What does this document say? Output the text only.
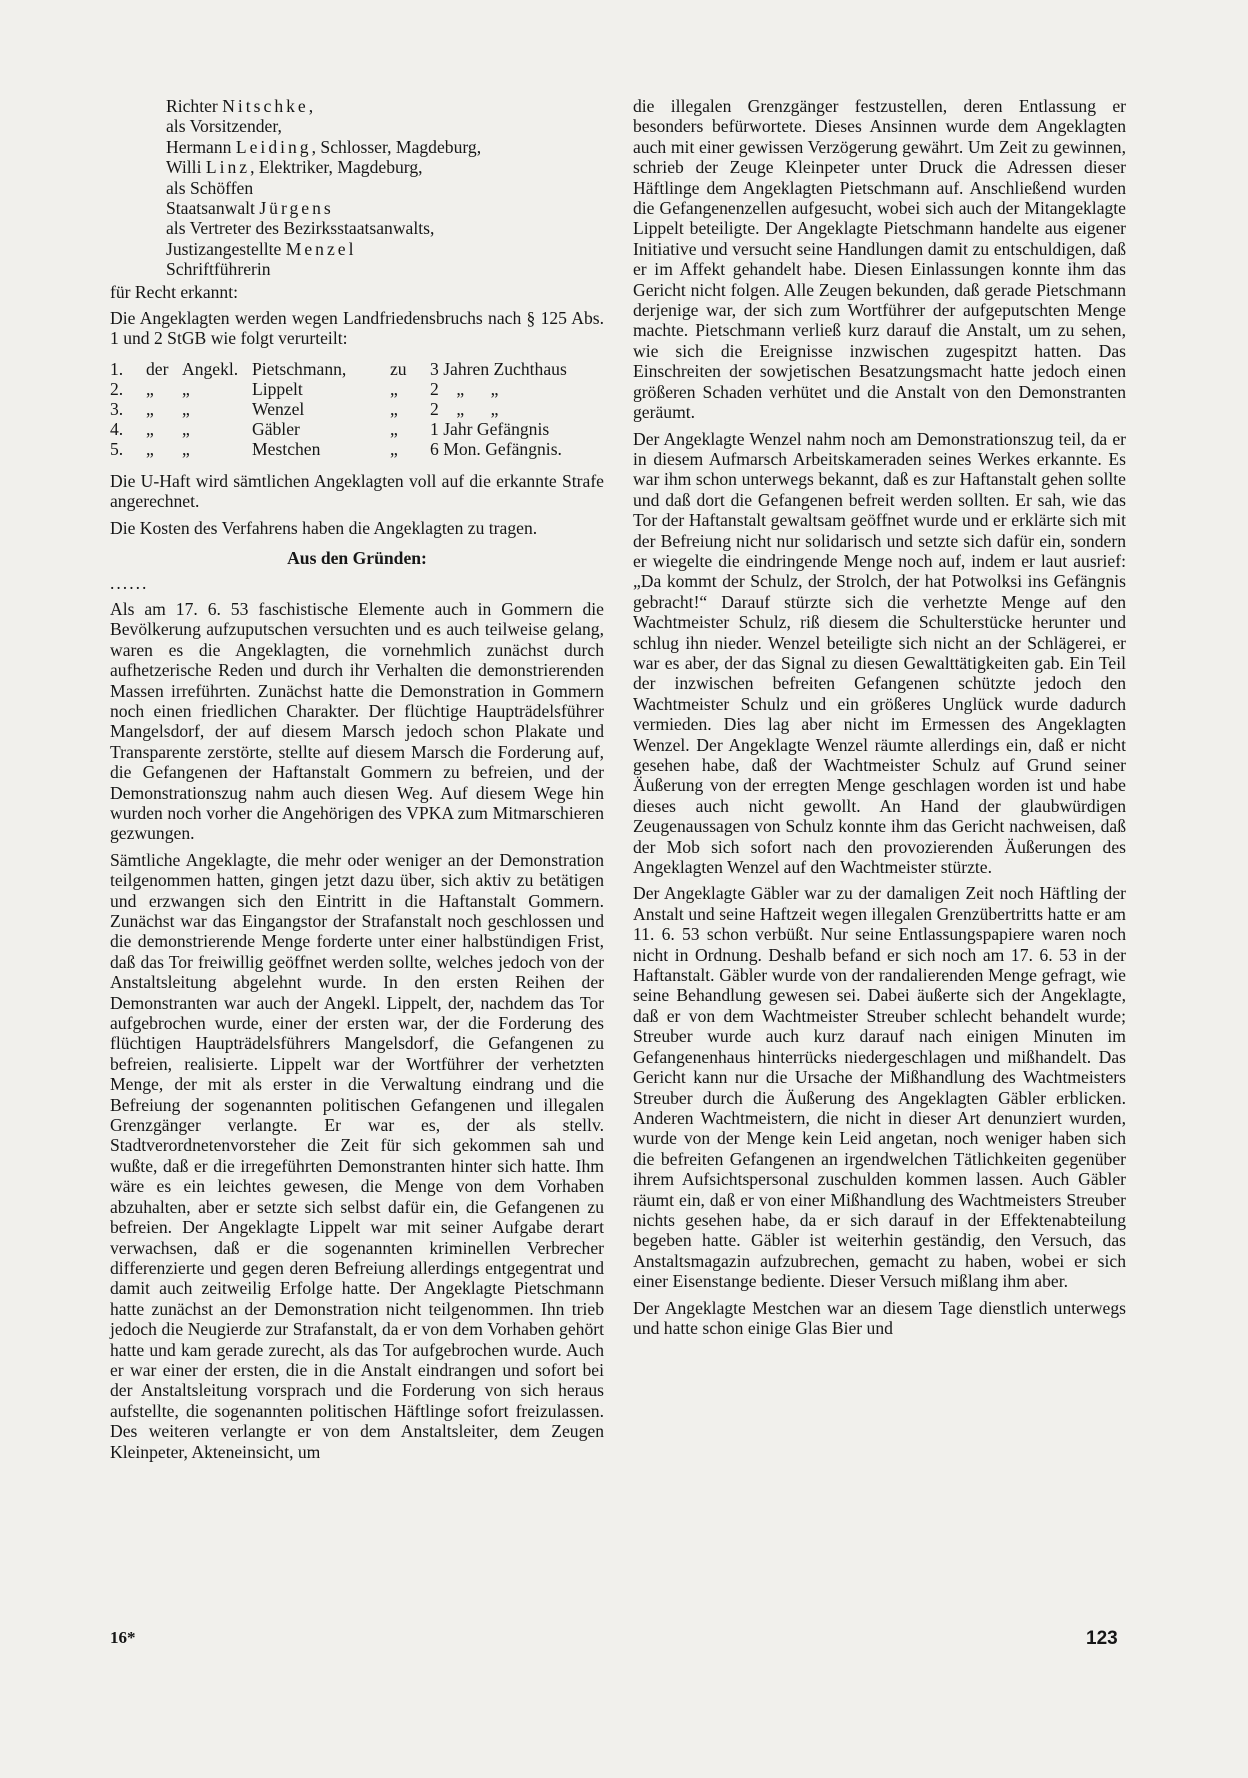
Richter Nitschke,
als Vorsitzender,
Hermann Leiding, Schlosser, Magdeburg,
Willi Linz, Elektriker, Magdeburg,
als Schöffen
Staatsanwalt Jürgens
als Vertreter des Bezirksstaatsanwalts,
Justizangestellte Menzel
Schriftführerin

für Recht erkannt:

Die Angeklagten werden wegen Landfriedensbruchs nach § 125 Abs. 1 und 2 StGB wie folgt verurteilt:

1.	der	Angekl.	Pietschmann,	zu	3 Jahren Zuchthaus
2.	„	„	Lippelt	„	2    „      „
3.	„	„	Wenzel	„	2    „      „
4.	„	„	Gäbler	„	1 Jahr Gefängnis
5.	„	„	Mestchen	„	6 Mon. Gefängnis.

Die U-Haft wird sämtlichen Angeklagten voll auf die erkannte Strafe angerechnet.

Die Kosten des Verfahrens haben die Angeklagten zu tragen.

Aus den Gründen:

......

Als am 17. 6. 53 faschistische Elemente auch in Gommern die Bevölkerung aufzuputschen versuchten und es auch teilweise gelang, waren es die Angeklagten, die vornehmlich zunächst durch aufhetzerische Reden und durch ihr Verhalten die demonstrierenden Massen irreführten. Zunächst hatte die Demonstration in Gommern noch einen friedlichen Charakter. Der flüchtige Haupträdelsführer Mangelsdorf, der auf diesem Marsch jedoch schon Plakate und Transparente zerstörte, stellte auf diesem Marsch die Forderung auf, die Gefangenen der Haftanstalt Gommern zu befreien, und der Demonstrationszug nahm auch diesen Weg. Auf diesem Wege hin wurden noch vorher die Angehörigen des VPKA zum Mitmarschieren gezwungen.

Sämtliche Angeklagte, die mehr oder weniger an der Demonstration teilgenommen hatten, gingen jetzt dazu über, sich aktiv zu betätigen und erzwangen sich den Eintritt in die Haftanstalt Gommern. Zunächst war das Eingangstor der Strafanstalt noch geschlossen und die demonstrierende Menge forderte unter einer halbstündigen Frist, daß das Tor freiwillig geöffnet werden sollte, welches jedoch von der Anstaltsleitung abgelehnt wurde. In den ersten Reihen der Demonstranten war auch der Angekl. Lippelt, der, nachdem das Tor aufgebrochen wurde, einer der ersten war, der die Forderung des flüchtigen Haupträdelsführers Mangelsdorf, die Gefangenen zu befreien, realisierte. Lippelt war der Wortführer der verhetzten Menge, der mit als erster in die Verwaltung eindrang und die Befreiung der sogenannten politischen Gefangenen und illegalen Grenzgänger verlangte. Er war es, der als stellv. Stadtverordnetenvorsteher die Zeit für sich gekommen sah und wußte, daß er die irregeführten Demonstranten hinter sich hatte. Ihm wäre es ein leichtes gewesen, die Menge von dem Vorhaben abzuhalten, aber er setzte sich selbst dafür ein, die Gefangenen zu befreien. Der Angeklagte Lippelt war mit seiner Aufgabe derart verwachsen, daß er die sogenannten kriminellen Verbrecher differenzierte und gegen deren Befreiung allerdings entgegentrat und damit auch zeitweilig Erfolge hatte. Der Angeklagte Pietschmann hatte zunächst an der Demonstration nicht teilgenommen. Ihn trieb jedoch die Neugierde zur Strafanstalt, da er von dem Vorhaben gehört hatte und kam gerade zurecht, als das Tor aufgebrochen wurde. Auch er war einer der ersten, die in die Anstalt eindrangen und sofort bei der Anstaltsleitung vorsprach und die Forderung von sich heraus aufstellte, die sogenannten politischen Häftlinge sofort freizulassen. Des weiteren verlangte er von dem Anstaltsleiter, dem Zeugen Kleinpeter, Akteneinsicht, um

die illegalen Grenzgänger festzustellen, deren Entlassung er besonders befürwortete. Dieses Ansinnen wurde dem Angeklagten auch mit einer gewissen Verzögerung gewährt. Um Zeit zu gewinnen, schrieb der Zeuge Kleinpeter unter Druck die Adressen dieser Häftlinge dem Angeklagten Pietschmann auf. Anschließend wurden die Gefangenenzellen aufgesucht, wobei sich auch der Mitangeklagte Lippelt beteiligte. Der Angeklagte Pietschmann handelte aus eigener Initiative und versucht seine Handlungen damit zu entschuldigen, daß er im Affekt gehandelt habe. Diesen Einlassungen konnte ihm das Gericht nicht folgen. Alle Zeugen bekunden, daß gerade Pietschmann derjenige war, der sich zum Wortführer der aufgeputschten Menge machte. Pietschmann verließ kurz darauf die Anstalt, um zu sehen, wie sich die Ereignisse inzwischen zugespitzt hatten. Das Einschreiten der sowjetischen Besatzungsmacht hatte jedoch einen größeren Schaden verhütet und die Anstalt von den Demonstranten geräumt.

Der Angeklagte Wenzel nahm noch am Demonstrationszug teil, da er in diesem Aufmarsch Arbeitskameraden seines Werkes erkannte. Es war ihm schon unterwegs bekannt, daß es zur Haftanstalt gehen sollte und daß dort die Gefangenen befreit werden sollten. Er sah, wie das Tor der Haftanstalt gewaltsam geöffnet wurde und er erklärte sich mit der Befreiung nicht nur solidarisch und setzte sich dafür ein, sondern er wiegelte die eindringende Menge noch auf, indem er laut ausrief: „Da kommt der Schulz, der Strolch, der hat Potwolksi ins Gefängnis gebracht!“ Darauf stürzte sich die verhetzte Menge auf den Wachtmeister Schulz, riß diesem die Schulterstücke herunter und schlug ihn nieder. Wenzel beteiligte sich nicht an der Schlägerei, er war es aber, der das Signal zu diesen Gewalttätigkeiten gab. Ein Teil der inzwischen befreiten Gefangenen schützte jedoch den Wachtmeister Schulz und ein größeres Unglück wurde dadurch vermieden. Dies lag aber nicht im Ermessen des Angeklagten Wenzel. Der Angeklagte Wenzel räumte allerdings ein, daß er nicht gesehen habe, daß der Wachtmeister Schulz auf Grund seiner Äußerung von der erregten Menge geschlagen worden ist und habe dieses auch nicht gewollt. An Hand der glaubwürdigen Zeugenaussagen von Schulz konnte ihm das Gericht nachweisen, daß der Mob sich sofort nach den provozierenden Äußerungen des Angeklagten Wenzel auf den Wachtmeister stürzte.

Der Angeklagte Gäbler war zu der damaligen Zeit noch Häftling der Anstalt und seine Haftzeit wegen illegalen Grenzübertritts hatte er am 11. 6. 53 schon verbüßt. Nur seine Entlassungspapiere waren noch nicht in Ordnung. Deshalb befand er sich noch am 17. 6. 53 in der Haftanstalt. Gäbler wurde von der randalierenden Menge gefragt, wie seine Behandlung gewesen sei. Dabei äußerte sich der Angeklagte, daß er von dem Wachtmeister Streuber schlecht behandelt wurde; Streuber wurde auch kurz darauf nach einigen Minuten im Gefangenenhaus hinterrücks niedergeschlagen und mißhandelt. Das Gericht kann nur die Ursache der Mißhandlung des Wachtmeisters Streuber durch die Äußerung des Angeklagten Gäbler erblicken. Anderen Wachtmeistern, die nicht in dieser Art denunziert wurden, wurde von der Menge kein Leid angetan, noch weniger haben sich die befreiten Gefangenen an irgendwelchen Tätlichkeiten gegenüber ihrem Aufsichtspersonal zuschulden kommen lassen. Auch Gäbler räumt ein, daß er von einer Mißhandlung des Wachtmeisters Streuber nichts gesehen habe, da er sich darauf in der Effektenabteilung begeben hatte. Gäbler ist weiterhin geständig, den Versuch, das Anstaltsmagazin aufzubrechen, gemacht zu haben, wobei er sich einer Eisenstange bediente. Dieser Versuch mißlang ihm aber.

Der Angeklagte Mestchen war an diesem Tage dienstlich unterwegs und hatte schon einige Glas Bier und

16*	123
